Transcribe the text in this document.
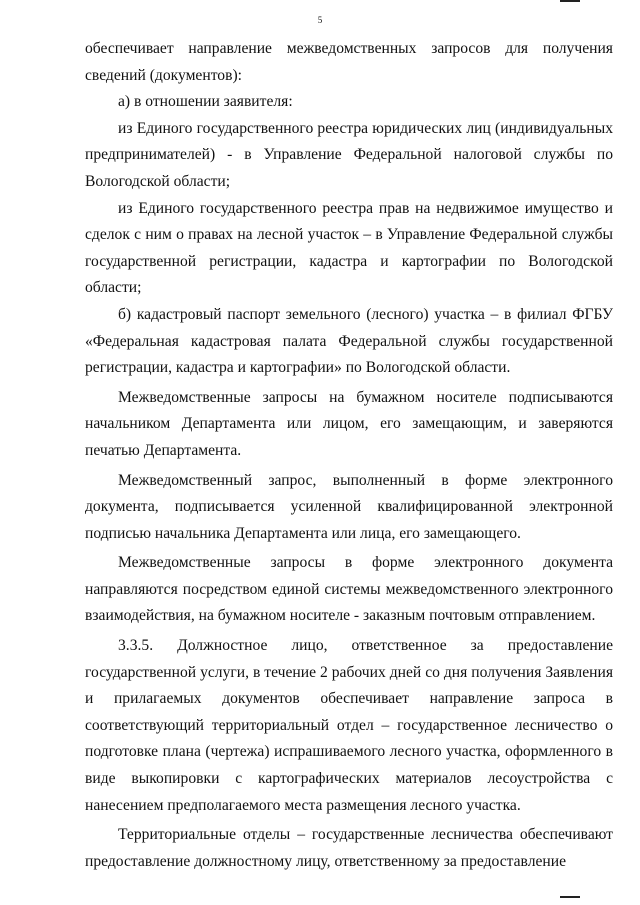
5

обеспечивает направление межведомственных запросов для получения сведений (документов):

а) в отношении заявителя:

из Единого государственного реестра юридических лиц (индивидуальных предпринимателей) - в Управление Федеральной налоговой службы по Вологодской области;

из Единого государственного реестра прав на недвижимое имущество и сделок с ним о правах на лесной участок – в Управление Федеральной службы государственной регистрации, кадастра и картографии по Вологодской области;

б) кадастровый паспорт земельного (лесного) участка – в филиал ФГБУ «Федеральная кадастровая палата Федеральной службы государственной регистрации, кадастра и картографии» по Вологодской области.

Межведомственные запросы на бумажном носителе подписываются начальником Департамента или лицом, его замещающим, и заверяются печатью Департамента.

Межведомственный запрос, выполненный в форме электронного документа, подписывается усиленной квалифицированной электронной подписью начальника Департамента или лица, его замещающего.

Межведомственные запросы в форме электронного документа направляются посредством единой системы межведомственного электронного взаимодействия, на бумажном носителе - заказным почтовым отправлением.

3.3.5. Должностное лицо, ответственное за предоставление государственной услуги, в течение 2 рабочих дней со дня получения Заявления и прилагаемых документов обеспечивает направление запроса в соответствующий территориальный отдел – государственное лесничество о подготовке плана (чертежа) испрашиваемого лесного участка, оформленного в виде выкопировки с картографических материалов лесоустройства с нанесением предполагаемого места размещения лесного участка.

Территориальные отделы – государственные лесничества обеспечивают предоставление должностному лицу, ответственному за предоставление
